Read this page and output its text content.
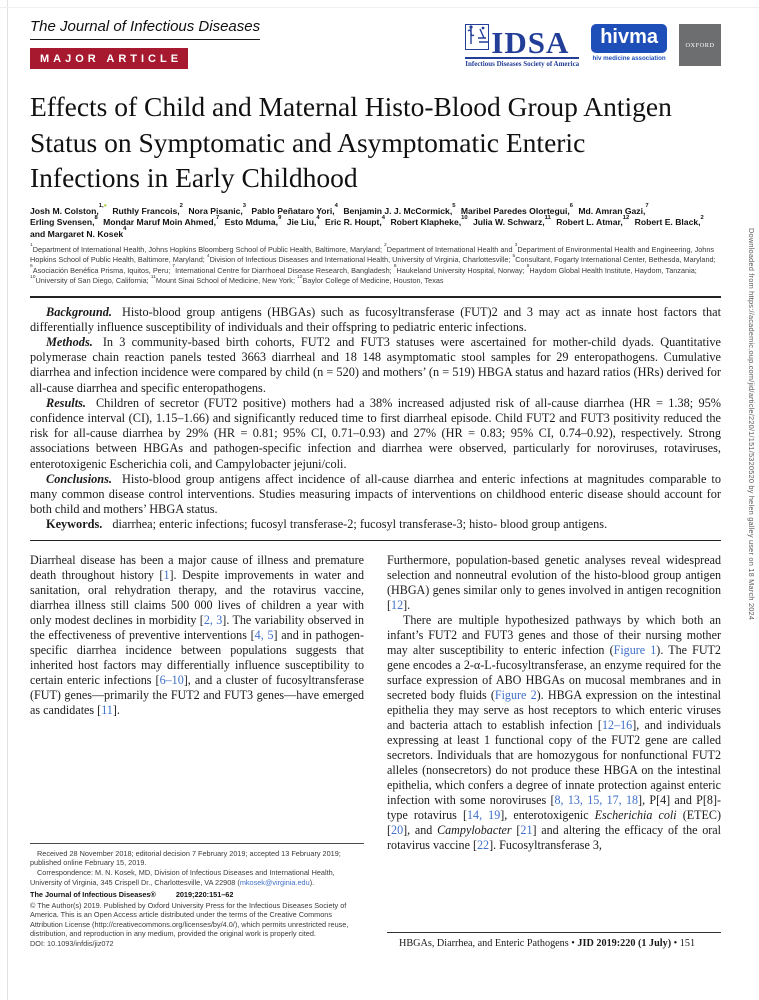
The Journal of Infectious Diseases
MAJOR ARTICLE	IDSA
Infectious Diseases Society of America
hivma
hiv medicine association
OXFORD
Effects of Child and Maternal Histo-Blood Group Antigen Status on Symptomatic and Asymptomatic Enteric Infections in Early Childhood

Josh M. Colston,$^{1,●}$ Ruthly Francois,$^2$ Nora Pisanic,$^3$ Pablo Peñataro Yori,$^4$ Benjamin J. J. McCormick,$^5$ Maribel Paredes Olortegui,$^6$ Md. Amran Gazi,$^7$ Erling Svensen,$^8$ Mondar Maruf Moin Ahmed,$^7$ Esto Mduma,$^9$ Jie Liu,$^4$ Eric R. Houpt,$^4$ Robert Klapheke,$^{10}$ Julia W. Schwarz,$^{11}$ Robert L. Atmar,$^{12}$ Robert E. Black,$^2$ and Margaret N. Kosek$^4$

$^1$Department of International Health, Johns Hopkins Bloomberg School of Public Health, Baltimore, Maryland; $^2$Department of International Health and $^3$Department of Environmental Health and Engineering, Johns Hopkins School of Public Health, Baltimore, Maryland; $^4$Division of Infectious Diseases and International Health, University of Virginia, Charlottesville; $^5$Consultant, Fogarty International Center, Bethesda, Maryland; $^6$Asociación Benéfica Prisma, Iquitos, Peru; $^7$International Centre for Diarrhoeal Disease Research, Bangladesh; $^8$Haukeland University Hospital, Norway; $^9$Haydom Global Health Institute, Haydom, Tanzania; $^{10}$University of San Diego, California; $^{11}$Mount Sinai School of Medicine, New York; $^{12}$Baylor College of Medicine, Houston, Texas

Background. Histo-blood group antigens (HBGAs) such as fucosyltransferase (FUT)2 and 3 may act as innate host factors that differentially influence susceptibility of individuals and their offspring to pediatric enteric infections.

Methods. In 3 community-based birth cohorts, FUT2 and FUT3 statuses were ascertained for mother-child dyads. Quantitative polymerase chain reaction panels tested 3663 diarrheal and 18 148 asymptomatic stool samples for 29 enteropathogens. Cumulative diarrhea and infection incidence were compared by child (n = 520) and mothers’ (n = 519) HBGA status and hazard ratios (HRs) derived for all-cause diarrhea and specific enteropathogens.

Results. Children of secretor (FUT2 positive) mothers had a 38% increased adjusted risk of all-cause diarrhea (HR = 1.38; 95% confidence interval (CI), 1.15–1.66) and significantly reduced time to first diarrheal episode. Child FUT2 and FUT3 positivity reduced the risk for all-cause diarrhea by 29% (HR = 0.81; 95% CI, 0.71–0.93) and 27% (HR = 0.83; 95% CI, 0.74–0.92), respectively. Strong associations between HBGAs and pathogen-specific infection and diarrhea were observed, particularly for noroviruses, rotaviruses, enterotoxigenic Escherichia coli, and Campylobacter jejuni/coli.

Conclusions. Histo-blood group antigens affect incidence of all-cause diarrhea and enteric infections at magnitudes comparable to many common disease control interventions. Studies measuring impacts of interventions on childhood enteric disease should account for both child and mothers’ HBGA status.

Keywords. diarrhea; enteric infections; fucosyl transferase-2; fucosyl transferase-3; histo- blood group antigens.

Diarrheal disease has been a major cause of illness and premature death throughout history [1]. Despite improvements in water and sanitation, oral rehydration therapy, and the rotavirus vaccine, diarrhea illness still claims 500 000 lives of children a year with only modest declines in morbidity [2, 3]. The variability observed in the effectiveness of preventive interventions [4, 5] and in pathogen-specific diarrhea incidence between populations suggests that inherited host factors may differentially influence susceptibility to certain enteric infections [6–10], and a cluster of fucosyltransferase (FUT) genes—primarily the FUT2 and FUT3 genes—have emerged as candidates [11].

Received 28 November 2018; editorial decision 7 February 2019; accepted 13 February 2019; published online February 15, 2019.

Correspondence: M. N. Kosek, MD, Division of Infectious Diseases and International Health, University of Virginia, 345 Crispell Dr., Charlottesville, VA 22908 (mkosek@virginia.edu).

The Journal of Infectious Diseases®	2019;220:151–62

© The Author(s) 2019. Published by Oxford University Press for the Infectious Diseases Society of America. This is an Open Access article distributed under the terms of the Creative Commons Attribution License (http://creativecommons.org/licenses/by/4.0/), which permits unrestricted reuse, distribution, and reproduction in any medium, provided the original work is properly cited.

DOI: 10.1093/infdis/jiz072

Furthermore, population-based genetic analyses reveal widespread selection and nonneutral evolution of the histo-blood group antigen (HBGA) genes similar only to genes involved in antigen recognition [12].

There are multiple hypothesized pathways by which both an infant’s FUT2 and FUT3 genes and those of their nursing mother may alter susceptibility to enteric infection (Figure 1). The FUT2 gene encodes a 2-α-L-fucosyltransferase, an enzyme required for the surface expression of ABO HBGAs on mucosal membranes and in secreted body fluids (Figure 2). HBGA expression on the intestinal epithelia they may serve as host receptors to which enteric viruses and bacteria attach to establish infection [12–16], and individuals expressing at least 1 functional copy of the FUT2 gene are called secretors. Individuals that are homozygous for nonfunctional FUT2 alleles (nonsecretors) do not produce these HBGA on the intestinal epithelia, which confers a degree of innate protection against enteric infection with some noroviruses [8, 13, 15, 17, 18], P[4] and P[8]-type rotavirus [14, 19], enterotoxigenic Escherichia coli (ETEC) [20], and Campylobacter [21] and altering the efficacy of the oral rotavirus vaccine [22]. Fucosyltransferase 3,

HBGAs, Diarrhea, and Enteric Pathogens • JID 2019:220 (1 July) • 151
Downloaded from https://academic.oup.com/jid/article/220/1/151/5320520 by helen galley user on 18 March 2024
